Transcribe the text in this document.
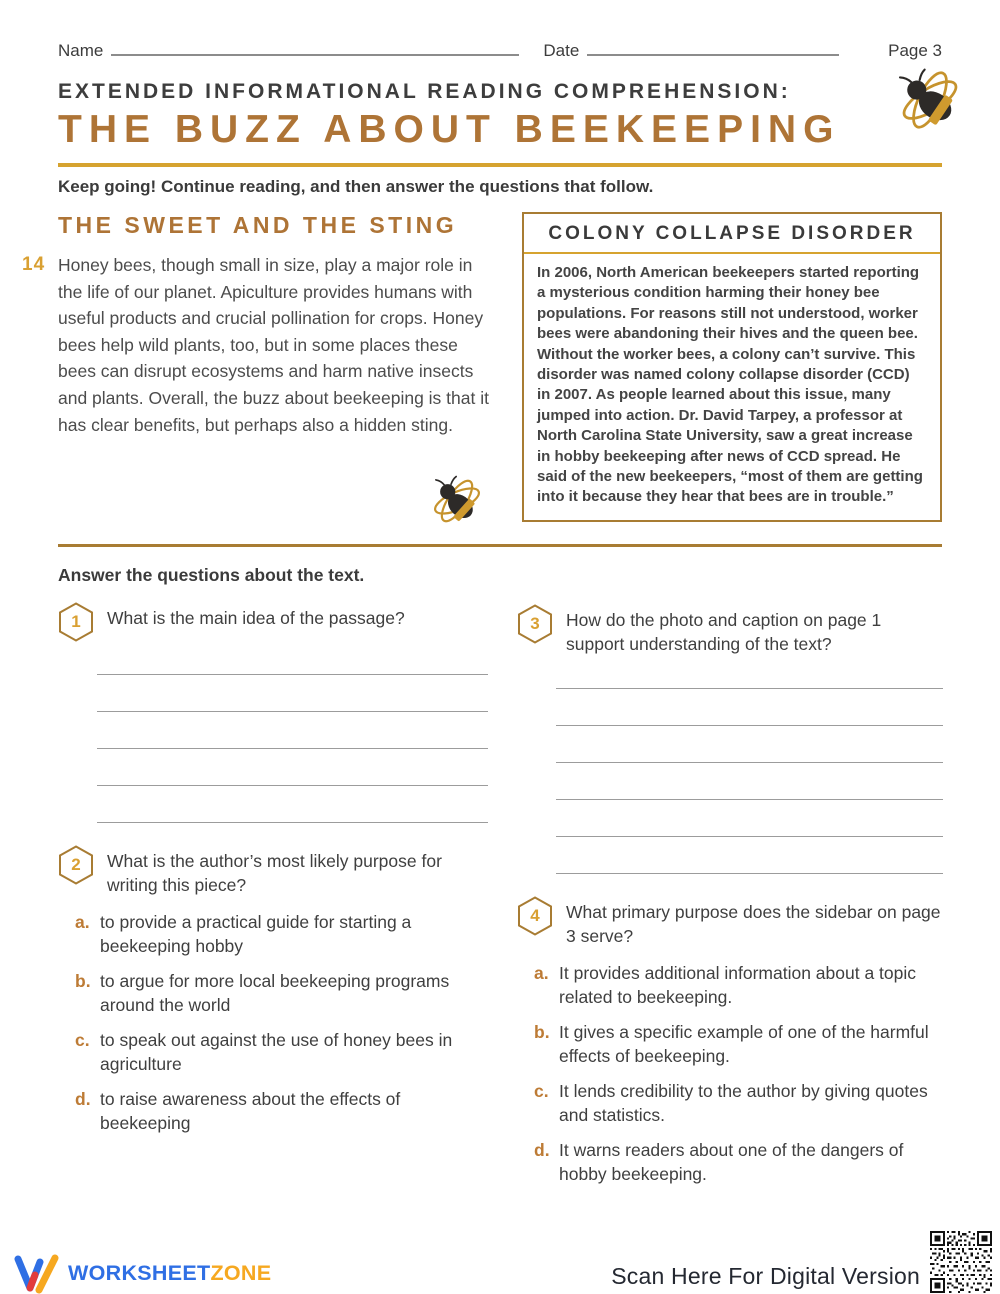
Name	Date	Page 3
EXTENDED INFORMATIONAL READING COMPREHENSION:
THE BUZZ ABOUT BEEKEEPING
Keep going! Continue reading, and then answer the questions that follow.
THE SWEET AND THE STING
14 Honey bees, though small in size, play a major role in the life of our planet. Apiculture provides humans with useful products and crucial pollination for crops. Honey bees help wild plants, too, but in some places these bees can disrupt ecosystems and harm native insects and plants. Overall, the buzz about beekeeping is that it has clear benefits, but perhaps also a hidden sting.
COLONY COLLAPSE DISORDER
In 2006, North American beekeepers started reporting a mysterious condition harming their honey bee populations. For reasons still not understood, worker bees were abandoning their hives and the queen bee. Without the worker bees, a colony can’t survive. This disorder was named colony collapse disorder (CCD) in 2007. As people learned about this issue, many jumped into action. Dr. David Tarpey, a professor at North Carolina State University, saw a great increase in hobby beekeeping after news of CCD spread. He said of the new beekeepers, “most of them are getting into it because they hear that bees are in trouble.”
Answer the questions about the text.
1	What is the main idea of the passage?
2	What is the author’s most likely purpose for writing this piece?
a. to provide a practical guide for starting a beekeeping hobby
b. to argue for more local beekeeping programs around the world
c. to speak out against the use of honey bees in agriculture
d. to raise awareness about the effects of beekeeping
3	How do the photo and caption on page 1 support understanding of the text?
4	What primary purpose does the sidebar on page 3 serve?
a. It provides additional information about a topic related to beekeeping.
b. It gives a specific example of one of the harmful effects of beekeeping.
c. It lends credibility to the author by giving quotes and statistics.
d. It warns readers about one of the dangers of hobby beekeeping.
WORKSHEETZONE	Scan Here For Digital Version
